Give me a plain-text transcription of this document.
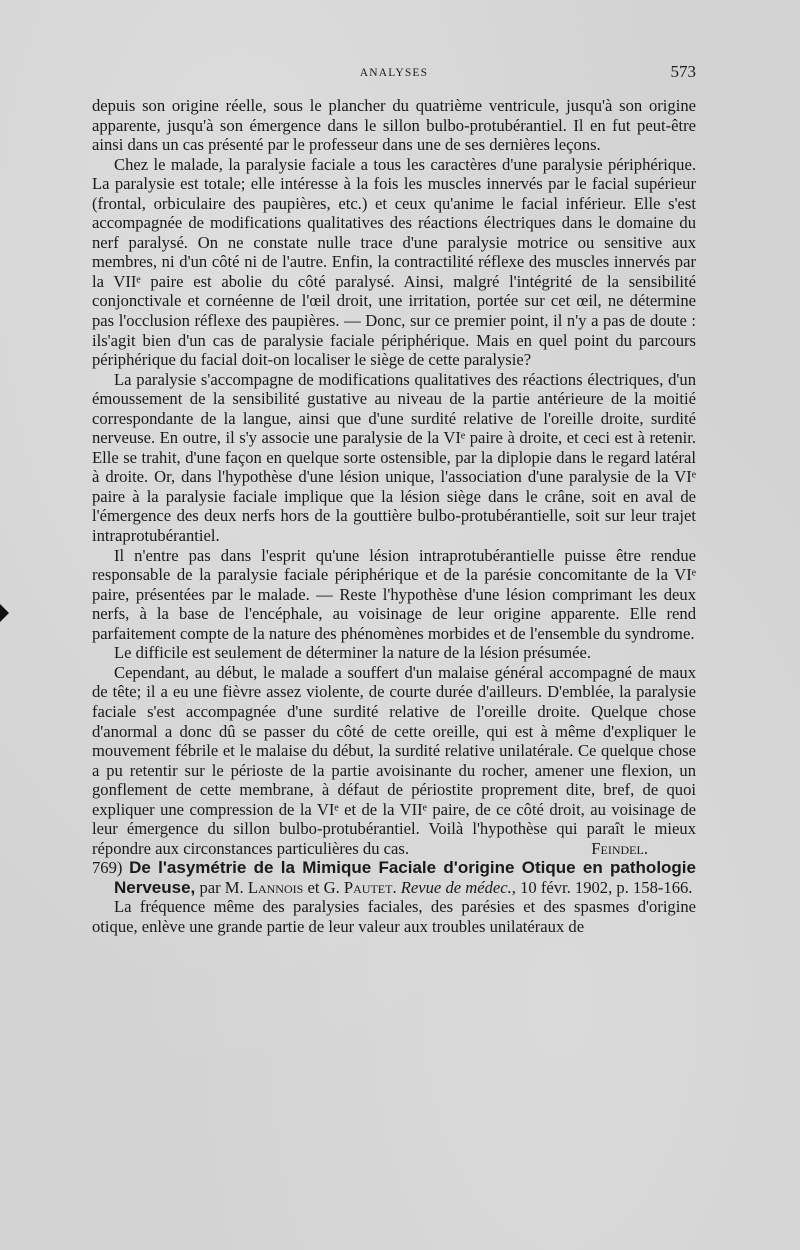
ANALYSES	573

depuis son origine réelle, sous le plancher du quatrième ventricule, jusqu'à son origine apparente, jusqu'à son émergence dans le sillon bulbo-protubérantiel. Il en fut peut-être ainsi dans un cas présenté par le professeur dans une de ses dernières leçons.

Chez le malade, la paralysie faciale a tous les caractères d'une paralysie périphérique. La paralysie est totale; elle intéresse à la fois les muscles innervés par le facial supérieur (frontal, orbiculaire des paupières, etc.) et ceux qu'anime le facial inférieur. Elle s'est accompagnée de modifications qualitatives des réactions électriques dans le domaine du nerf paralysé. On ne constate nulle trace d'une paralysie motrice ou sensitive aux membres, ni d'un côté ni de l'autre. Enfin, la contractilité réflexe des muscles innervés par la VIIᵉ paire est abolie du côté paralysé. Ainsi, malgré l'intégrité de la sensibilité conjonctivale et cornéenne de l'œil droit, une irritation, portée sur cet œil, ne détermine pas l'occlusion réflexe des paupières. — Donc, sur ce premier point, il n'y a pas de doute : ils'agit bien d'un cas de paralysie faciale périphérique. Mais en quel point du parcours périphérique du facial doit-on localiser le siège de cette paralysie?

La paralysie s'accompagne de modifications qualitatives des réactions électriques, d'un émoussement de la sensibilité gustative au niveau de la partie antérieure de la moitié correspondante de la langue, ainsi que d'une surdité relative de l'oreille droite, surdité nerveuse. En outre, il s'y associe une paralysie de la VIᵉ paire à droite, et ceci est à retenir. Elle se trahit, d'une façon en quelque sorte ostensible, par la diplopie dans le regard latéral à droite. Or, dans l'hypothèse d'une lésion unique, l'association d'une paralysie de la VIᵉ paire à la paralysie faciale implique que la lésion siège dans le crâne, soit en aval de l'émergence des deux nerfs hors de la gouttière bulbo-protubérantielle, soit sur leur trajet intraprotubérantiel.

Il n'entre pas dans l'esprit qu'une lésion intraprotubérantielle puisse être rendue responsable de la paralysie faciale périphérique et de la parésie concomitante de la VIᵉ paire, présentées par le malade. — Reste l'hypothèse d'une lésion comprimant les deux nerfs, à la base de l'encéphale, au voisinage de leur origine apparente. Elle rend parfaitement compte de la nature des phénomènes morbides et de l'ensemble du syndrome.

Le difficile est seulement de déterminer la nature de la lésion présumée.

Cependant, au début, le malade a souffert d'un malaise général accompagné de maux de tête; il a eu une fièvre assez violente, de courte durée d'ailleurs. D'emblée, la paralysie faciale s'est accompagnée d'une surdité relative de l'oreille droite. Quelque chose d'anormal a donc dû se passer du côté de cette oreille, qui est à même d'expliquer le mouvement fébrile et le malaise du début, la surdité relative unilatérale. Ce quelque chose a pu retentir sur le périoste de la partie avoisinante du rocher, amener une flexion, un gonflement de cette membrane, à défaut de périostite proprement dite, bref, de quoi expliquer une compression de la VIᵉ et de la VIIᵉ paire, de ce côté droit, au voisinage de leur émergence du sillon bulbo-protubérantiel. Voilà l'hypothèse qui paraît le mieux répondre aux circonstances particulières du cas.	Feindel.

769) De l'asymétrie de la Mimique Faciale d'origine Otique en pathologie Nerveuse, par M. Lannois et G. Pautet. Revue de médec., 10 févr. 1902, p. 158-166.

La fréquence même des paralysies faciales, des parésies et des spasmes d'origine otique, enlève une grande partie de leur valeur aux troubles unilatéraux de
